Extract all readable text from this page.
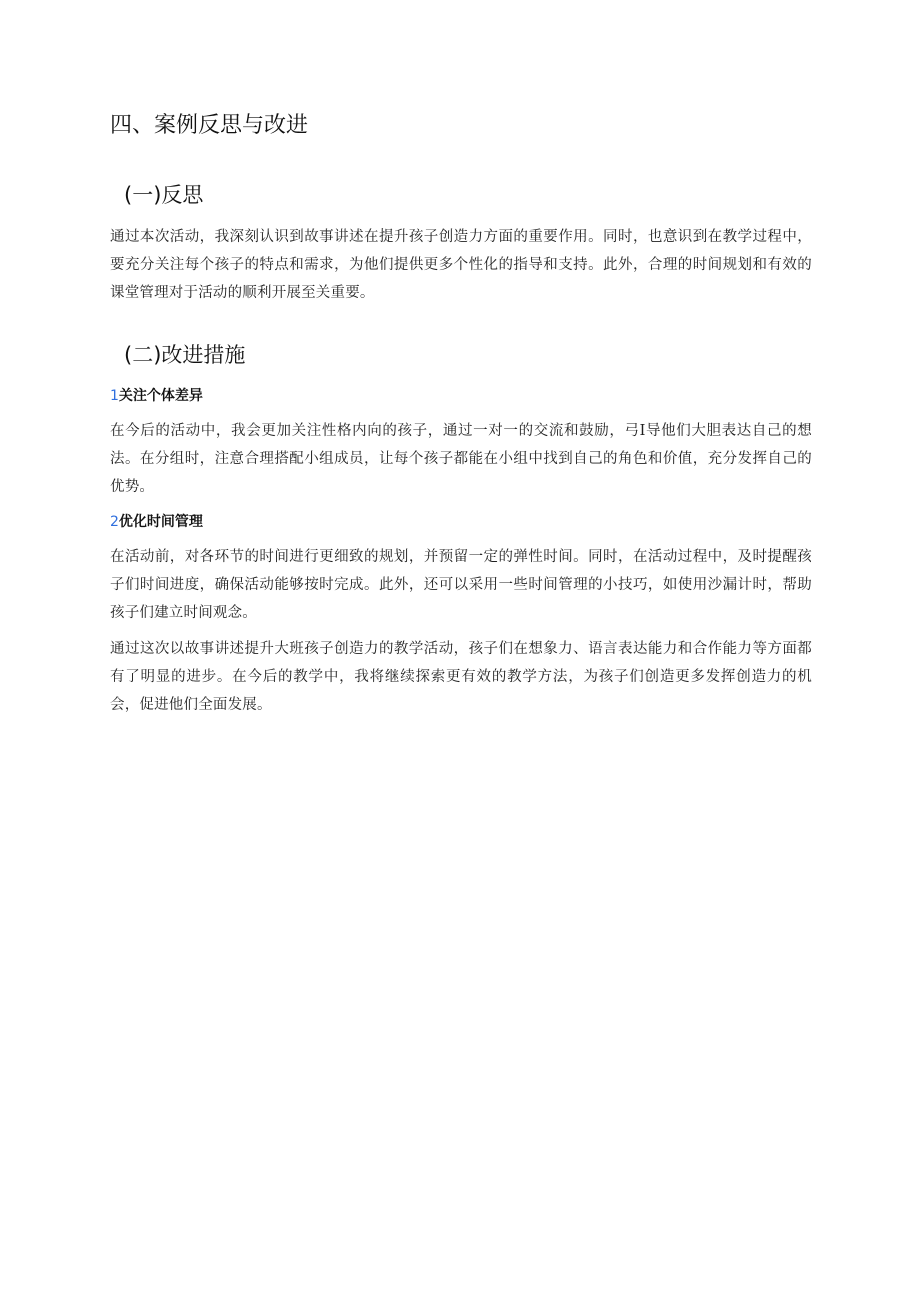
四、案例反思与改进
(一)反思

通过本次活动，我深刻认识到故事讲述在提升孩子创造力方面的重要作用。同时，也意识到在教学过程中，要充分关注每个孩子的特点和需求，为他们提供更多个性化的指导和支持。此外，合理的时间规划和有效的课堂管理对于活动的顺利开展至关重要。

(二)改进措施
1关注个体差异

在今后的活动中，我会更加关注性格内向的孩子，通过一对一的交流和鼓励，弓I导他们大胆表达自己的想法。在分组时，注意合理搭配小组成员，让每个孩子都能在小组中找到自己的角色和价值，充分发挥自己的优势。

2优化时间管理

在活动前，对各环节的时间进行更细致的规划，并预留一定的弹性时间。同时，在活动过程中，及时提醒孩子们时间进度，确保活动能够按时完成。此外，还可以采用一些时间管理的小技巧，如使用沙漏计时，帮助孩子们建立时间观念。

通过这次以故事讲述提升大班孩子创造力的教学活动，孩子们在想象力、语言表达能力和合作能力等方面都有了明显的进步。在今后的教学中，我将继续探索更有效的教学方法，为孩子们创造更多发挥创造力的机会，促进他们全面发展。
